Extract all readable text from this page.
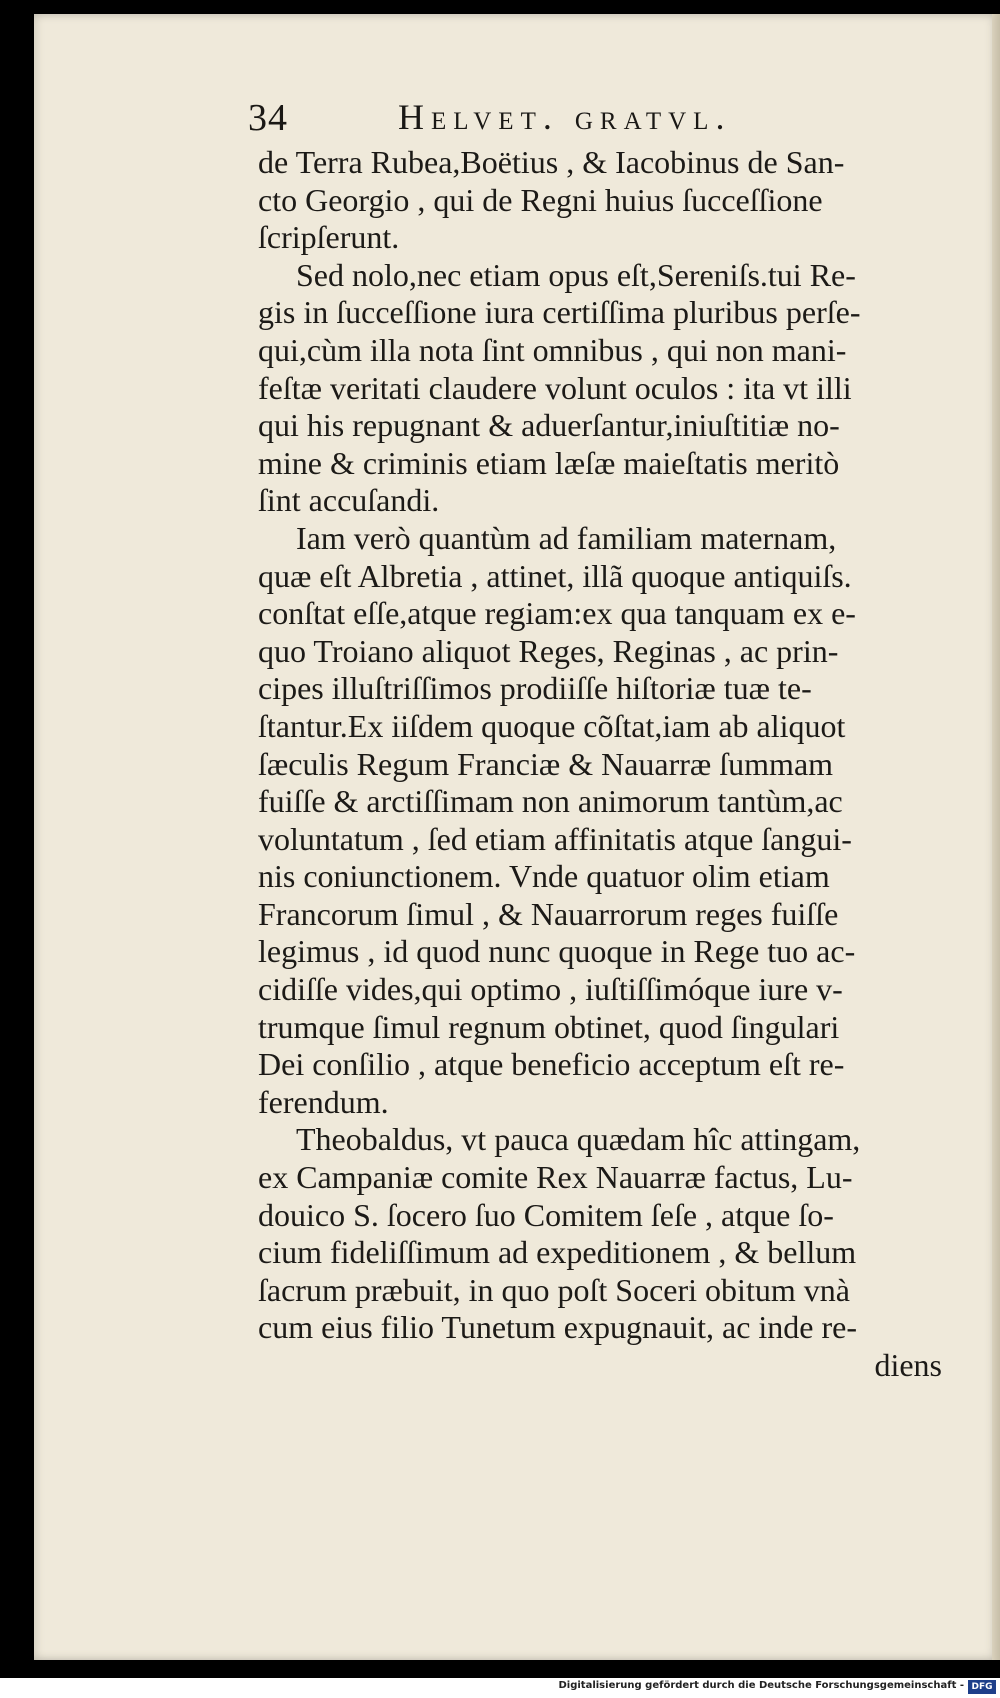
34	Helvet. gratvl.
de Terra Rubea,Boëtius , & Iacobinus de San-
cto Georgio , qui de Regni huius ſucceſſione
ſcripſerunt.
Sed nolo,nec etiam opus eſt,Sereniſs.tui Re-
gis in ſucceſſione iura certiſſima pluribus perſe-
qui,cùm illa nota ſint omnibus , qui non mani-
feſtæ veritati claudere volunt oculos : ita vt illi
qui his repugnant & aduerſantur,iniuſtitiæ no-
mine & criminis etiam læſæ maieſtatis meritò
ſint accuſandi.
Iam verò quantùm ad familiam maternam,
quæ eſt Albretia , attinet, illã quoque antiquiſs.
conſtat eſſe,atque regiam:ex qua tanquam ex e-
quo Troiano aliquot Reges, Reginas , ac prin-
cipes illuſtriſſimos prodiiſſe hiſtoriæ tuæ te-
ſtantur.Ex iiſdem quoque cõſtat,iam ab aliquot
ſæculis Regum Franciæ & Nauarræ ſummam
fuiſſe & arctiſſimam non animorum tantùm,ac
voluntatum , ſed etiam affinitatis atque ſangui-
nis coniunctionem. Vnde quatuor olim etiam
Francorum ſimul , & Nauarrorum reges fuiſſe
legimus , id quod nunc quoque in Rege tuo ac-
cidiſſe vides,qui optimo , iuſtiſſimóque iure v-
trumque ſimul regnum obtinet, quod ſingulari
Dei conſilio , atque beneficio acceptum eſt re-
ferendum.
Theobaldus, vt pauca quædam hîc attingam,
ex Campaniæ comite Rex Nauarræ factus, Lu-
douico S. ſocero ſuo Comitem ſeſe , atque ſo-
cium fideliſſimum ad expeditionem , & bellum
ſacrum præbuit, in quo poſt Soceri obitum vnà
cum eius filio Tunetum expugnauit, ac inde re-
diens
Digitalisierung gefördert durch die Deutsche Forschungsgemeinschaft - DFG
